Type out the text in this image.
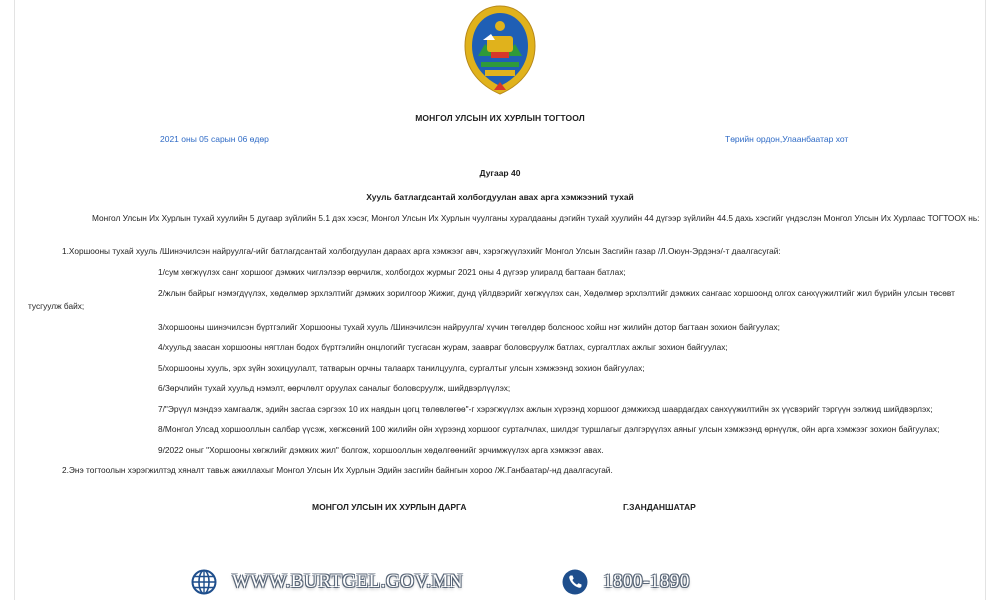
МОНГОЛ УЛСЫН ИХ ХУРЛЫН ТОГТООЛ
2021 оны 05 сарын 06 өдөр	Төрийн ордон,Улаанбаатар хот
Дугаар 40
Хууль батлагдсантай холбогдуулан авах арга хэмжээний тухай

Монгол Улсын Их Хурлын тухай хуулийн 5 дугаар зүйлийн 5.1 дэх хэсэг, Монгол Улсын Их Хурлын чуулганы хуралдааны дэгийн тухай хуулийн 44 дүгээр зүйлийн 44.5 дахь хэсгийг үндэслэн Монгол Улсын Их Хурлаас ТОГТООХ нь:

1.Хоршооны тухай хууль /Шинэчилсэн найруулга/-ийг батлагдсантай холбогдуулан дараах арга хэмжээг авч, хэрэгжүүлэхийг Монгол Улсын Засгийн газар /Л.Оюун-Эрдэнэ/-т даалгасугай:

1/сум хөгжүүлэх санг хоршоог дэмжих чиглэлээр өөрчилж, холбогдох журмыг 2021 оны 4 дүгээр улиралд багтаан батлах;

2/жлын байрыг нэмэгдүүлэх, хөдөлмөр эрхлэлтийг дэмжих зорилгоор Жижиг, дунд үйлдвэрийг хөгжүүлэх сан, Хөдөлмөр эрхлэлтийг дэмжих сангаас хоршоонд олгох санхүүжилтийг жил бүрийн улсын төсөвт тусгуулж байх;

3/хоршооны шинэчилсэн бүртгэлийг Хоршооны тухай хууль /Шинэчилсэн найруулга/ хүчин төгөлдөр болсноос хойш нэг жилийн дотор багтаан зохион байгуулах;

4/хуульд заасан хоршооны нягтлан бодох бүртгэлийн онцлогийг тусгасан журам, заавраг боловсруулж батлах, сургалтлах ажлыг зохион байгуулах;

5/хоршооны хууль, эрх зүйн зохицуулалт, татварын орчны талаарх танилцуулга, сургалтыг улсын хэмжээнд зохион байгуулах;

6/Зөрчлийн тухай хуульд нэмэлт, өөрчлөлт оруулах саналыг боловсруулж, шийдвэрлүүлэх;

7/"Эрүүл мэндээ хамгаалж, эдийн засгаа сэргээх 10 их наядын цогц төлөвлөгөө"-г хэрэгжүүлэх ажлын хүрээнд хоршоог дэмжихэд шаардагдах санхүүжилтийн эх үүсвэрийг тэргүүн ээлжид шийдвэрлэх;

8/Монгол Улсад хоршооллын салбар үүсэж, хөгжсөний 100 жилийн ойн хүрээнд хоршоог сурталчлах, шилдэг туршлагыг дэлгэрүүлэх аяныг улсын хэмжээнд өрнүүлж, ойн арга хэмжээг зохион байгуулах;

9/2022 оныг "Хоршооны хөгжлийг дэмжих жил" болгож, хоршооллын хөдөлгөөнийг эрчимжүүлэх арга хэмжээг авах.

2.Энэ тогтоолын хэрэгжилтэд хяналт тавьж ажиллахыг Монгол Улсын Их Хурлын Эдийн засгийн байнгын хороо /Ж.Ганбаатар/-нд даалгасугай.

МОНГОЛ УЛСЫН ИХ ХУРЛЫН ДАРГА	Г.ЗАНДАНШАТАР
WWW.BURTGEL.GOV.MN	1800-1890
